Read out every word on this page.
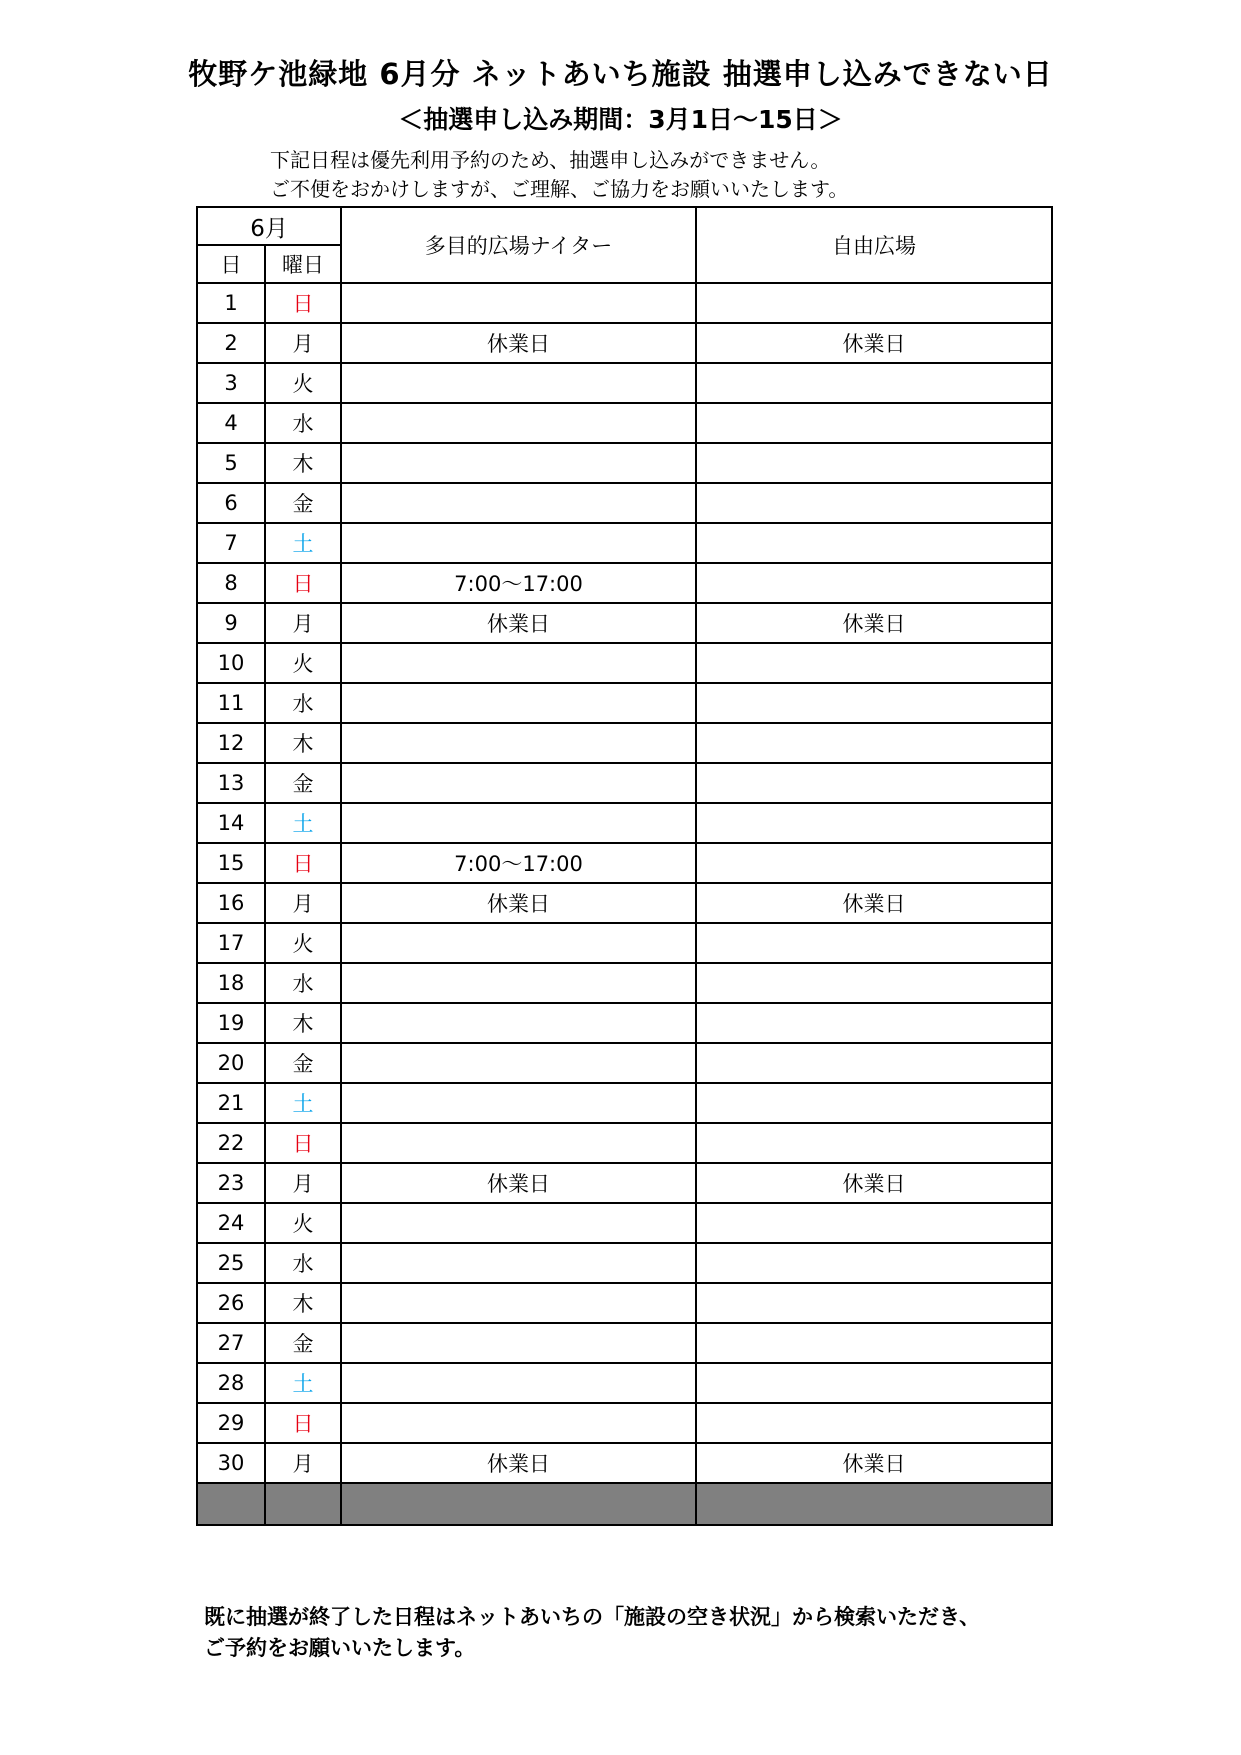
牧野ケ池緑地 6月分 ネットあいち施設 抽選申し込みできない日
＜抽選申し込み期間：3月1日～15日＞
下記日程は優先利用予約のため、抽選申し込みができません。
ご不便をおかけしますが、ご理解、ご協力をお願いいたします。
6月		多目的広場ナイター	自由広場
日	曜日		
1	日		
2	月	休業日	休業日
3	火		
4	水		
5	木		
6	金		
7	土		
8	日	7:00～17:00	
9	月	休業日	休業日
10	火		
11	水		
12	木		
13	金		
14	土		
15	日	7:00～17:00	
16	月	休業日	休業日
17	火		
18	水		
19	木		
20	金		
21	土		
22	日		
23	月	休業日	休業日
24	火		
25	水		
26	木		
27	金		
28	土		
29	日		
30	月	休業日	休業日

既に抽選が終了した日程はネットあいちの「施設の空き状況」から検索いただき、
ご予約をお願いいたします。
